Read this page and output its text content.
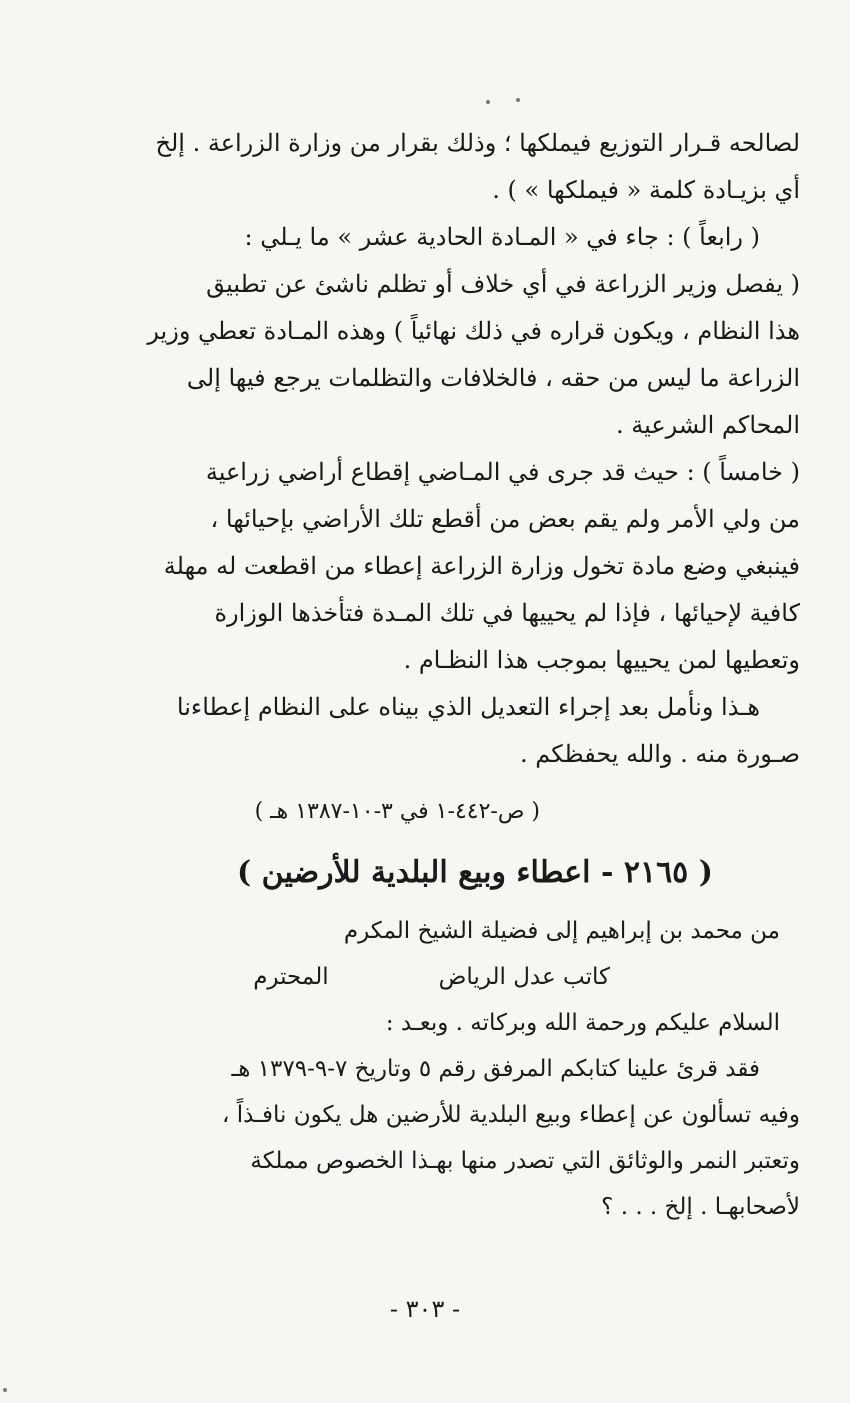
لصالحه قـرار التوزيع فيملكها ؛ وذلك بقرار من وزارة الزراعة . إلخ
أي بزيـادة كلمة « فيملكها » ) .

( رابعاً ) : جاء في « المـادة الحادية عشر » ما يـلي :
( يفصل وزير الزراعة في أي خلاف أو تظلم ناشئ عن تطبيق
هذا النظام ، ويكون قراره في ذلك نهائياً ) وهذه المـادة تعطي وزير
الزراعة ما ليس من حقه ، فالخلافات والتظلمات يرجع فيها إلى
المحاكم الشرعية .

( خامساً ) : حيث قد جرى في المـاضي إقطاع أراضي زراعية
من ولي الأمر ولم يقم بعض من أقطع تلك الأراضي بإحيائها ،
فينبغي وضع مادة تخول وزارة الزراعة إعطاء من اقطعت له مهلة
كافية لإحيائها ، فإذا لم يحييها في تلك المـدة فتأخذها الوزارة
وتعطيها لمن يحييها بموجب هذا النظـام .

هـذا ونأمل بعد إجراء التعديل الذي بيناه على النظام إعطاءنا
صـورة منه . والله يحفظكم .

( ص-٤٤٢-١ في ٣-١٠-١٣٨٧ هـ )

( ٢١٦٥ - اعطاء وبيع البلدية للأرضين )
من محمد بن إبراهيم إلى فضيلة الشيخ المكرم
كاتب عدل الرياض
المحترم
السلام عليكم ورحمة الله وبركاته . وبعـد :
فقد قرئ علينا كتابكم المرفق رقم ٥ وتاريخ ٧-٩-١٣٧٩ هـ
وفيه تسألون عن إعطاء وبيع البلدية للأرضين هل يكون نافـذاً ،
وتعتبر النمر والوثائق التي تصدر منها بهـذا الخصوص مملكة
لأصحابهـا . إلخ . . . ؟
- ٣٠٣ -
